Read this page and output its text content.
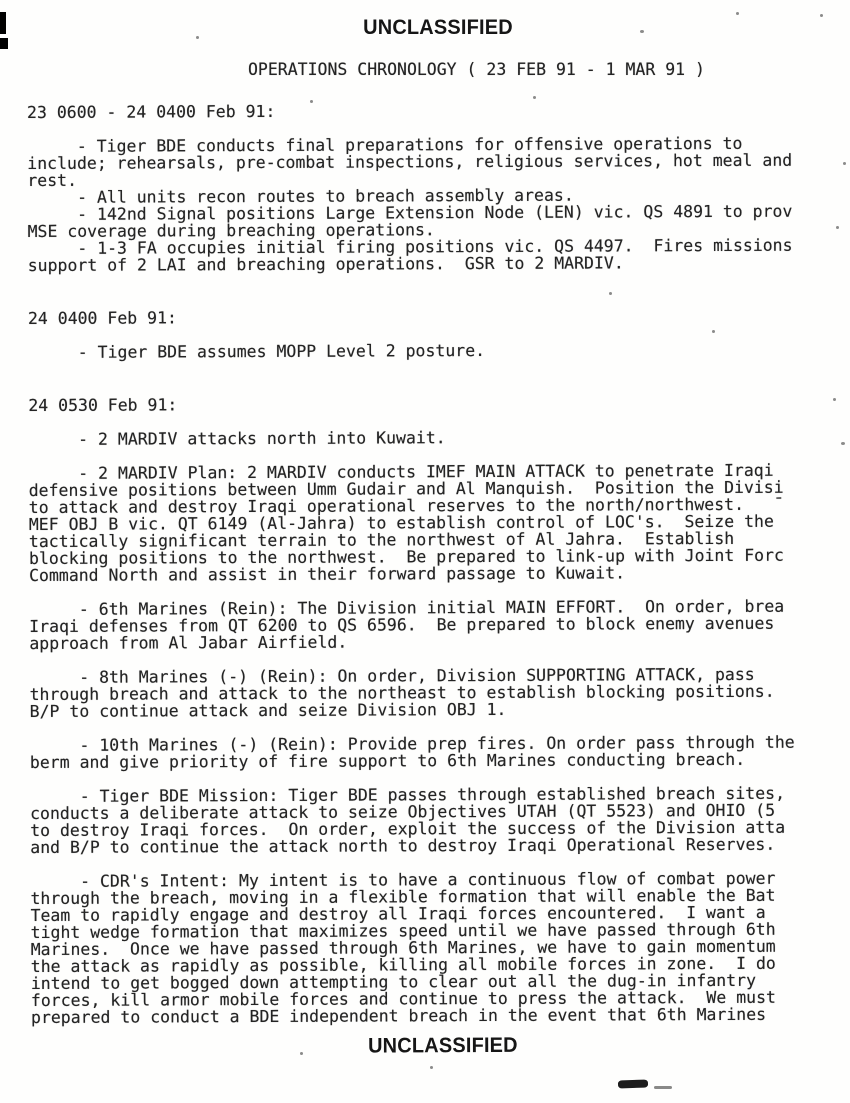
UNCLASSIFIED
OPERATIONS CHRONOLOGY ( 23 FEB 91 - 1 MAR 91 )
23 0600 - 24 0400 Feb 91:
- Tiger BDE conducts final preparations for offensive operations to
include; rehearsals, pre-combat inspections, religious services, hot meal and
rest.
- All units recon routes to breach assembly areas.
- 142nd Signal positions Large Extension Node (LEN) vic. QS 4891 to prov
MSE coverage during breaching operations.
- 1-3 FA occupies initial firing positions vic. QS 4497.  Fires missions
support of 2 LAI and breaching operations.  GSR to 2 MARDIV.
24 0400 Feb 91:
- Tiger BDE assumes MOPP Level 2 posture.
24 0530 Feb 91:
- 2 MARDIV attacks north into Kuwait.

- 2 MARDIV Plan: 2 MARDIV conducts IMEF MAIN ATTACK to penetrate Iraqi
defensive positions between Umm Gudair and Al Manquish.  Position the Divisi
to attack and destroy Iraqi operational reserves to the north/northwest.   ¯
MEF OBJ B vic. QT 6149 (Al-Jahra) to establish control of LOC's.  Seize the
tactically significant terrain to the northwest of Al Jahra.  Establish
blocking positions to the northwest.  Be prepared to link-up with Joint Forc
Command North and assist in their forward passage to Kuwait.

- 6th Marines (Rein): The Division initial MAIN EFFORT.  On order, brea
Iraqi defenses from QT 6200 to QS 6596.  Be prepared to block enemy avenues
approach from Al Jabar Airfield.

- 8th Marines (-) (Rein): On order, Division SUPPORTING ATTACK, pass
through breach and attack to the northeast to establish blocking positions.
B/P to continue attack and seize Division OBJ 1.

- 10th Marines (-) (Rein): Provide prep fires. On order pass through the
berm and give priority of fire support to 6th Marines conducting breach.

- Tiger BDE Mission: Tiger BDE passes through established breach sites,
conducts a deliberate attack to seize Objectives UTAH (QT 5523) and OHIO (5
to destroy Iraqi forces.  On order, exploit the success of the Division atta
and B/P to continue the attack north to destroy Iraqi Operational Reserves.

- CDR's Intent: My intent is to have a continuous flow of combat power
through the breach, moving in a flexible formation that will enable the Bat
Team to rapidly engage and destroy all Iraqi forces encountered.  I want a
tight wedge formation that maximizes speed until we have passed through 6th
Marines.  Once we have passed through 6th Marines, we have to gain momentum
the attack as rapidly as possible, killing all mobile forces in zone.  I do
intend to get bogged down attempting to clear out all the dug-in infantry
forces, kill armor mobile forces and continue to press the attack.  We must
prepared to conduct a BDE independent breach in the event that 6th Marines
UNCLASSIFIED
